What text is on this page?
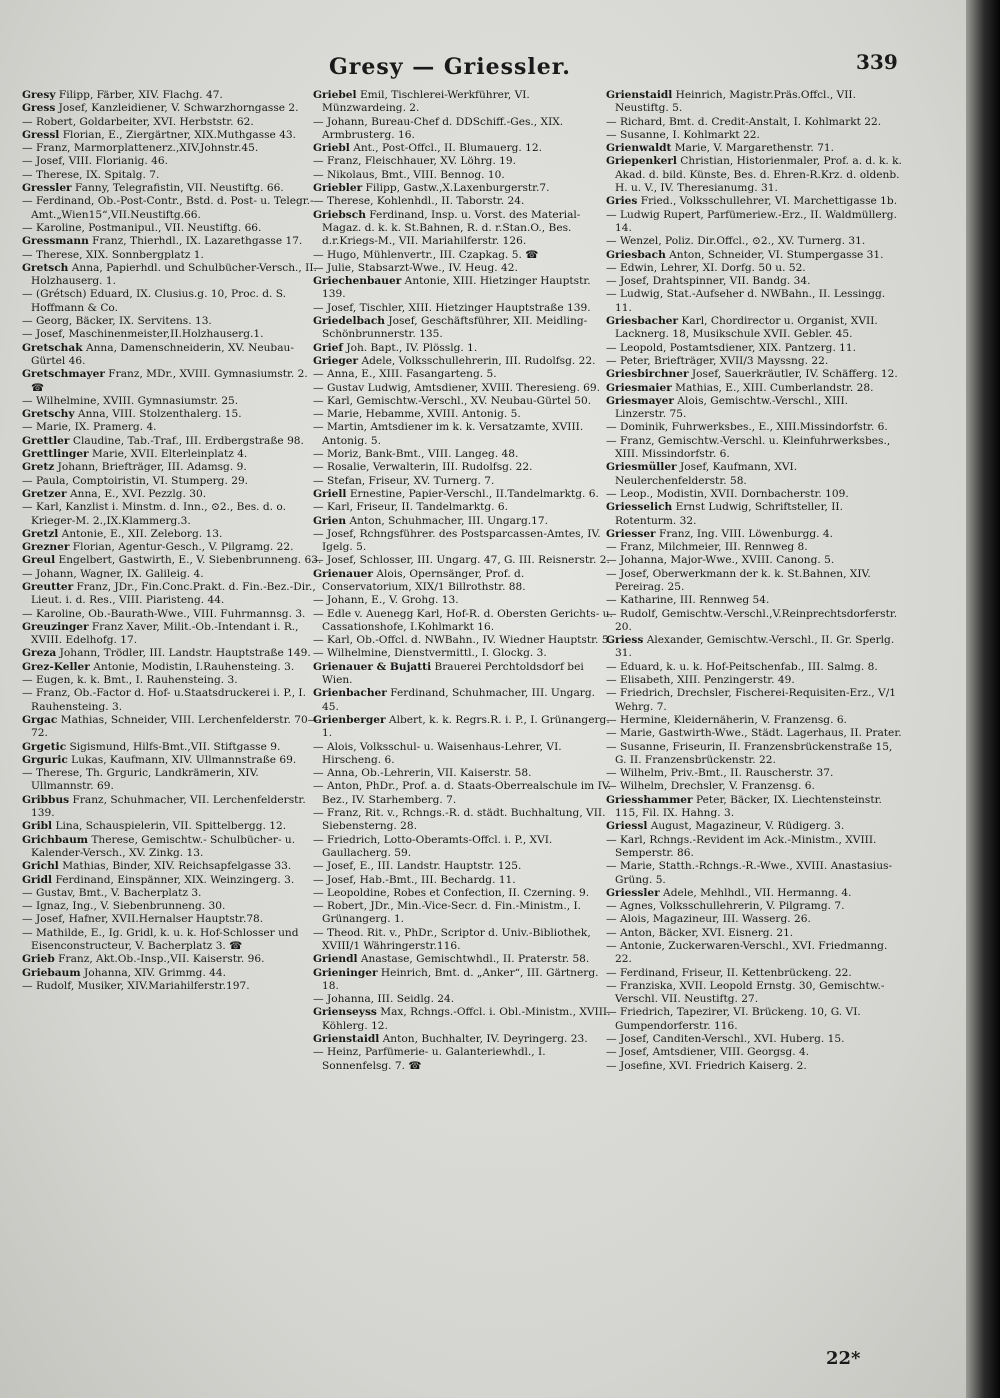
Gresy — Griessler.	339

Gresy Filipp, Färber, XIV. Flachg. 47.

Gress Josef, Kanzleidiener, V. Schwarzhorngasse 2.

— Robert, Goldarbeiter, XVI. Herbststr. 62.

Gressl Florian, E., Ziergärtner, XIX.Muthgasse 43.

— Franz, Marmorplattenerz.,XIV.Johnstr.45.

— Josef, VIII. Florianig. 46.

— Therese, IX. Spitalg. 7.

Gressler Fanny, Telegrafistin, VII. Neustiftg. 66.

— Ferdinand, Ob.-Post-Contr., Bstd. d. Post- u. Telegr.-Amt.„Wien15“,VII.Neustiftg.66.

— Karoline, Postmanipul., VII. Neustiftg. 66.

Gressmann Franz, Thierhdl., IX. Lazarethgasse 17.

— Therese, XIX. Sonnbergplatz 1.

Gretsch Anna, Papierhdl. und Schulbücher-Versch., II. Holzhauserg. 1.

— (Grétsch) Eduard, IX. Clusius.g. 10, Proc. d. S. Hoffmann & Co.

— Georg, Bäcker, IX. Servitens. 13.

— Josef, Maschinenmeister,II.Holzhauserg.1.

Gretschak Anna, Damenschneiderin, XV. Neubau-Gürtel 46.

Gretschmayer Franz, MDr., XVIII. Gymnasiumstr. 2. ☎

— Wilhelmine, XVIII. Gymnasiumstr. 25.

Gretschy Anna, VIII. Stolzenthalerg. 15.

— Marie, IX. Pramerg. 4.

Grettler Claudine, Tab.-Traf., III. Erdbergstraße 98.

Grettlinger Marie, XVII. Elterleinplatz 4.

Gretz Johann, Briefträger, III. Adamsg. 9.

— Paula, Comptoiristin, VI. Stumperg. 29.

Gretzer Anna, E., XVI. Pezzlg. 30.

— Karl, Kanzlist i. Minstm. d. Inn., ⊙2., Bes. d. o. Krieger-M. 2.,IX.Klammerg.3.

Gretzl Antonie, E., XII. Zeleborg. 13.

Grezner Florian, Agentur-Gesch., V. Pilgramg. 22.

Greul Engelbert, Gastwirth, E., V. Siebenbrunneng. 63.

— Johann, Wagner, IX. Galileig. 4.

Greutter Franz, JDr., Fin.Conc.Prakt. d. Fin.-Bez.-Dir., Lieut. i. d. Res., VIII. Piaristeng. 44.

— Karoline, Ob.-Baurath-Wwe., VIII. Fuhrmannsg. 3.

Greuzinger Franz Xaver, Milit.-Ob.-Intendant i. R., XVIII. Edelhofg. 17.

Greza Johann, Trödler, III. Landstr. Hauptstraße 149.

Grez-Keller Antonie, Modistin, I.Rauhensteing. 3.

— Eugen, k. k. Bmt., I. Rauhensteing. 3.

— Franz, Ob.-Factor d. Hof- u.Staatsdruckerei i. P., I. Rauhensteing. 3.

Grgac Mathias, Schneider, VIII. Lerchenfelderstr. 70—72.

Grgetic Sigismund, Hilfs-Bmt.,VII. Stiftgasse 9.

Grguric Lukas, Kaufmann, XIV. Ullmannstraße 69.

— Therese, Th. Grguric, Landkrämerin, XIV. Ullmannstr. 69.

Gribbus Franz, Schuhmacher, VII. Lerchenfelderstr. 139.

Gribl Lina, Schauspielerin, VII. Spittelbergg. 12.

Grichbaum Therese, Gemischtw.- Schulbücher- u. Kalender-Versch., XV. Zinkg. 13.

Grichl Mathias, Binder, XIV. Reichsapfelgasse 33.

Gridl Ferdinand, Einspänner, XIX. Weinzingerg. 3.

— Gustav, Bmt., V. Bacherplatz 3.

— Ignaz, Ing., V. Siebenbrunneng. 30.

— Josef, Hafner, XVII.Hernalser Hauptstr.78.

— Mathilde, E., Ig. Gridl, k. u. k. Hof-Schlosser und Eisenconstructeur, V. Bacherplatz 3. ☎

Grieb Franz, Akt.Ob.-Insp.,VII. Kaiserstr. 96.

Griebaum Johanna, XIV. Grimmg. 44.

— Rudolf, Musiker, XIV.Mariahilferstr.197.

Griebel Emil, Tischlerei-Werkführer, VI. Münzwardeing. 2.

— Johann, Bureau-Chef d. DDSchiff.-Ges., XIX. Armbrusterg. 16.

Griebl Ant., Post-Offcl., II. Blumauerg. 12.

— Franz, Fleischhauer, XV. Löhrg. 19.

— Nikolaus, Bmt., VIII. Bennog. 10.

Griebler Filipp, Gastw.,X.Laxenburgerstr.7.

— Therese, Kohlenhdl., II. Taborstr. 24.

Griebsch Ferdinand, Insp. u. Vorst. des Material-Magaz. d. k. k. St.Bahnen, R. d. r.Stan.O., Bes. d.r.Kriegs-M., VII. Mariahilferstr. 126.

— Hugo, Mühlenvertr., III. Czapkag. 5. ☎

— Julie, Stabsarzt-Wwe., IV. Heug. 42.

Griechenbauer Antonie, XIII. Hietzinger Hauptstr. 139.

— Josef, Tischler, XIII. Hietzinger Hauptstraße 139.

Griedelbach Josef, Geschäftsführer, XII. Meidling-Schönbrunnerstr. 135.

Grief Joh. Bapt., IV. Plösslg. 1.

Grieger Adele, Volksschullehrerin, III. Rudolfsg. 22.

— Anna, E., XIII. Fasangarteng. 5.

— Gustav Ludwig, Amtsdiener, XVIII. Theresieng. 69.

— Karl, Gemischtw.-Verschl., XV. Neubau-Gürtel 50.

— Marie, Hebamme, XVIII. Antonig. 5.

— Martin, Amtsdiener im k. k. Versatzamte, XVIII. Antonig. 5.

— Moriz, Bank-Bmt., VIII. Langeg. 48.

— Rosalie, Verwalterin, III. Rudolfsg. 22.

— Stefan, Friseur, XV. Turnerg. 7.

Griell Ernestine, Papier-Verschl., II.Tandelmarktg. 6.

— Karl, Friseur, II. Tandelmarktg. 6.

Grien Anton, Schuhmacher, III. Ungarg.17.

— Josef, Rchngsführer. des Postsparcassen-Amtes, IV. Igelg. 5.

— Josef, Schlosser, III. Ungarg. 47, G. III. Reisnerstr. 2.

Grienauer Alois, Opernsänger, Prof. d. Conservatorium, XIX/1 Billrothstr. 88.

— Johann, E., V. Grohg. 13.

— Edle v. Auenegg Karl, Hof-R. d. Obersten Gerichts- u. Cassationshofe, I.Kohlmarkt 16.

— Karl, Ob.-Offcl. d. NWBahn., IV. Wiedner Hauptstr. 5.

— Wilhelmine, Dienstvermittl., I. Glockg. 3.

Grienauer & Bujatti Brauerei Perchtoldsdorf bei Wien.

Grienbacher Ferdinand, Schuhmacher, III. Ungarg. 45.

Grienberger Albert, k. k. Regrs.R. i. P., I. Grünangerg. 1.

— Alois, Volksschul- u. Waisenhaus-Lehrer, VI. Hirscheng. 6.

— Anna, Ob.-Lehrerin, VII. Kaiserstr. 58.

— Anton, PhDr., Prof. a. d. Staats-Oberrealschule im IV. Bez., IV. Starhemberg. 7.

— Franz, Rit. v., Rchngs.-R. d. städt. Buchhaltung, VII. Siebensterng. 28.

— Friedrich, Lotto-Oberamts-Offcl. i. P., XVI. Gaullacherg. 59.

— Josef, E., III. Landstr. Hauptstr. 125.

— Josef, Hab.-Bmt., III. Bechardg. 11.

— Leopoldine, Robes et Confection, II. Czerning. 9.

— Robert, JDr., Min.-Vice-Secr. d. Fin.-Ministm., I. Grünangerg. 1.

— Theod. Rit. v., PhDr., Scriptor d. Univ.-Bibliothek, XVIII/1 Währingerstr.116.

Griendl Anastase, Gemischtwhdl., II. Praterstr. 58.

Grieninger Heinrich, Bmt. d. „Anker“, III. Gärtnerg. 18.

— Johanna, III. Seidlg. 24.

Grienseyss Max, Rchngs.-Offcl. i. Obl.-Ministm., XVIII. Köhlerg. 12.

Grienstaidl Anton, Buchhalter, IV. Deyringerg. 23.

— Heinz, Parfümerie- u. Galanteriewhdl., I. Sonnenfelsg. 7. ☎

Grienstaidl Heinrich, Magistr.Präs.Offcl., VII. Neustiftg. 5.

— Richard, Bmt. d. Credit-Anstalt, I. Kohlmarkt 22.

— Susanne, I. Kohlmarkt 22.

Grienwaldt Marie, V. Margarethenstr. 71.

Griepenkerl Christian, Historienmaler, Prof. a. d. k. k. Akad. d. bild. Künste, Bes. d. Ehren-R.Krz. d. oldenb. H. u. V., IV. Theresianumg. 31.

Gries Fried., Volksschullehrer, VI. Marchettigasse 1b.

— Ludwig Rupert, Parfümeriew.-Erz., II. Waldmüllerg. 14.

— Wenzel, Poliz. Dir.Offcl., ⊙2., XV. Turnerg. 31.

Griesbach Anton, Schneider, VI. Stumpergasse 31.

— Edwin, Lehrer, XI. Dorfg. 50 u. 52.

— Josef, Drahtspinner, VII. Bandg. 34.

— Ludwig, Stat.-Aufseher d. NWBahn., II. Lessingg. 11.

Griesbacher Karl, Chordirector u. Organist, XVII. Lacknerg. 18, Musikschule XVII. Gebler. 45.

— Leopold, Postamtsdiener, XIX. Pantzerg. 11.

— Peter, Briefträger, XVII/3 Mayssng. 22.

Griesbirchner Josef, Sauerkräutler, IV. Schäfferg. 12.

Griesmaier Mathias, E., XIII. Cumberlandstr. 28.

Griesmayer Alois, Gemischtw.-Verschl., XIII. Linzerstr. 75.

— Dominik, Fuhrwerksbes., E., XIII.Missindorfstr. 6.

— Franz, Gemischtw.-Verschl. u. Kleinfuhrwerksbes., XIII. Missindorfstr. 6.

Griesmüller Josef, Kaufmann, XVI. Neulerchenfelderstr. 58.

— Leop., Modistin, XVII. Dornbacherstr. 109.

Griesselich Ernst Ludwig, Schriftsteller, II. Rotenturm. 32.

Griesser Franz, Ing. VIII. Löwenburgg. 4.

— Franz, Milchmeier, III. Rennweg 8.

— Johanna, Major-Wwe., XVIII. Canong. 5.

— Josef, Oberwerkmann der k. k. St.Bahnen, XIV. Pereirag. 25.

— Katharine, III. Rennweg 54.

— Rudolf, Gemischtw.-Verschl.,V.Reinprechtsdorferstr. 20.

Griess Alexander, Gemischtw.-Verschl., II. Gr. Sperlg. 31.

— Eduard, k. u. k. Hof-Peitschenfab., III. Salmg. 8.

— Elisabeth, XIII. Penzingerstr. 49.

— Friedrich, Drechsler, Fischerei-Requisiten-Erz., V/1 Wehrg. 7.

— Hermine, Kleidernäherin, V. Franzensg. 6.

— Marie, Gastwirth-Wwe., Städt. Lagerhaus, II. Prater.

— Susanne, Friseurin, II. Franzensbrückenstraße 15, G. II. Franzensbrückenstr. 22.

— Wilhelm, Priv.-Bmt., II. Rauscherstr. 37.

— Wilhelm, Drechsler, V. Franzensg. 6.

Griesshammer Peter, Bäcker, IX. Liechtensteinstr. 115, Fil. IX. Hahng. 3.

Griessl August, Magazineur, V. Rüdigerg. 3.

— Karl, Rchngs.-Revident im Ack.-Ministm., XVIII. Semperstr. 86.

— Marie, Statth.-Rchngs.-R.-Wwe., XVIII. Anastasius-Grüng. 5.

Griessler Adele, Mehlhdl., VII. Hermanng. 4.

— Agnes, Volksschullehrerin, V. Pilgramg. 7.

— Alois, Magazineur, III. Wasserg. 26.

— Anton, Bäcker, XVI. Eisnerg. 21.

— Antonie, Zuckerwaren-Verschl., XVI. Friedmanng. 22.

— Ferdinand, Friseur, II. Kettenbrückeng. 22.

— Franziska, XVII. Leopold Ernstg. 30, Gemischtw.-Verschl. VII. Neustiftg. 27.

— Friedrich, Tapezirer, VI. Brückeng. 10, G. VI. Gumpendorferstr. 116.

— Josef, Canditen-Verschl., XVI. Huberg. 15.

— Josef, Amtsdiener, VIII. Georgsg. 4.

— Josefine, XVI. Friedrich Kaiserg. 2.

22*
